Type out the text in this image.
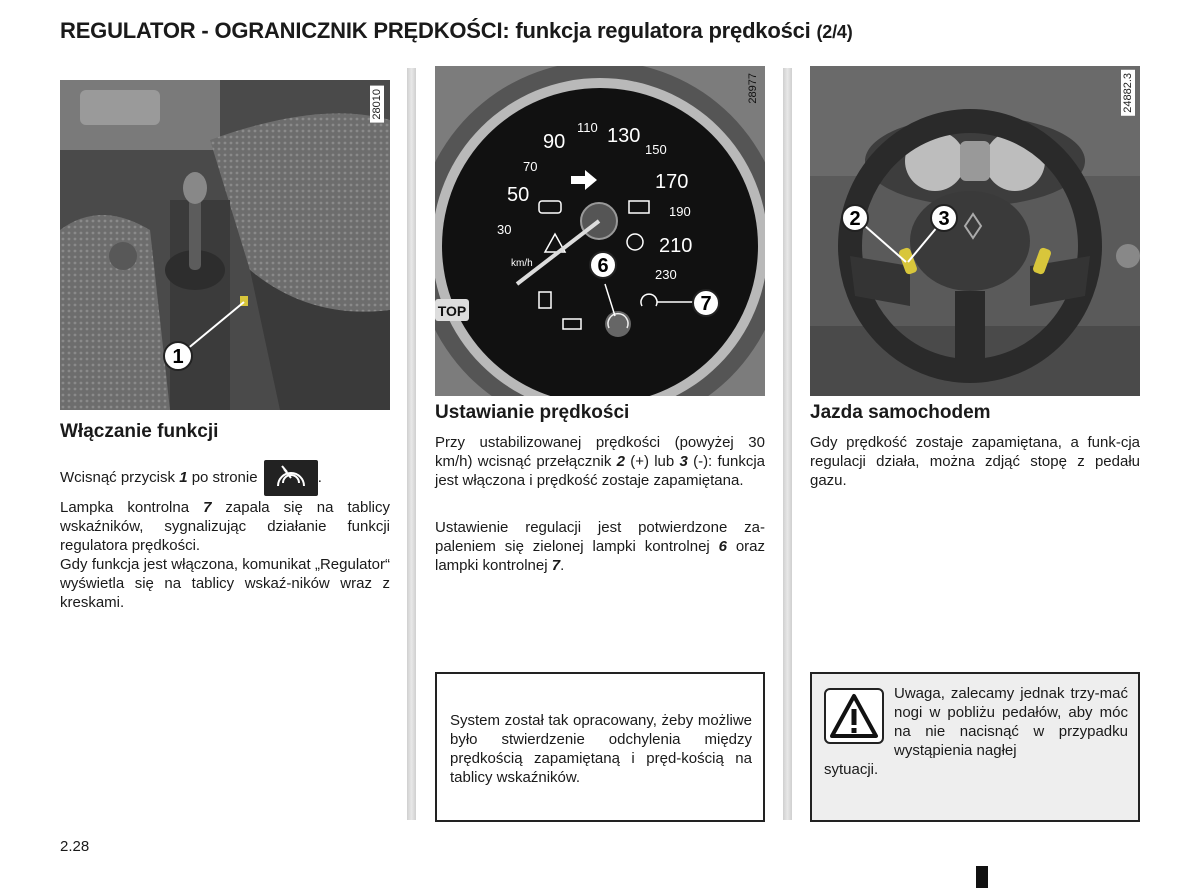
REGULATOR - OGRANICZNIK PRĘDKOŚCI: funkcja regulatora prędkości (2/4)
1
28010
Włączanie funkcji
Wcisnąć przycisk 1 po stronie	.
Lampka kontrolna 7 zapala się na tablicy wskaźników, sygnalizując działanie funkcji regulatora prędkości.
Gdy funkcja jest włączona, komunikat „Regulator“ wyświetla się na tablicy wskaź-ników wraz z kreskami.
TOP
50
30
70
90
110 130
150
170
190
210
230
km/h	6
7
28977
Ustawianie prędkości
Przy ustabilizowanej prędkości (powyżej 30 km/h) wcisnąć przełącznik 2 (+) lub 3 (-): funkcja jest włączona i prędkość zostaje zapamiętana.
Ustawienie regulacji jest potwierdzone za-paleniem się zielonej lampki kontrolnej 6 oraz lampki kontrolnej 7.
System został tak opracowany, żeby możliwe było stwierdzenie odchylenia między prędkością zapamiętaną i pręd-kością na tablicy wskaźników.
2	3
24882.3
Jazda samochodem
Gdy prędkość zostaje zapamiętana, a funk-cja regulacji działa, można zdjąć stopę z pedału gazu.
Uwaga, zalecamy jednak trzy-mać nogi w pobliżu pedałów, aby móc na nie nacisnąć w przypadku wystąpienia nagłej
sytuacji.
2.28
